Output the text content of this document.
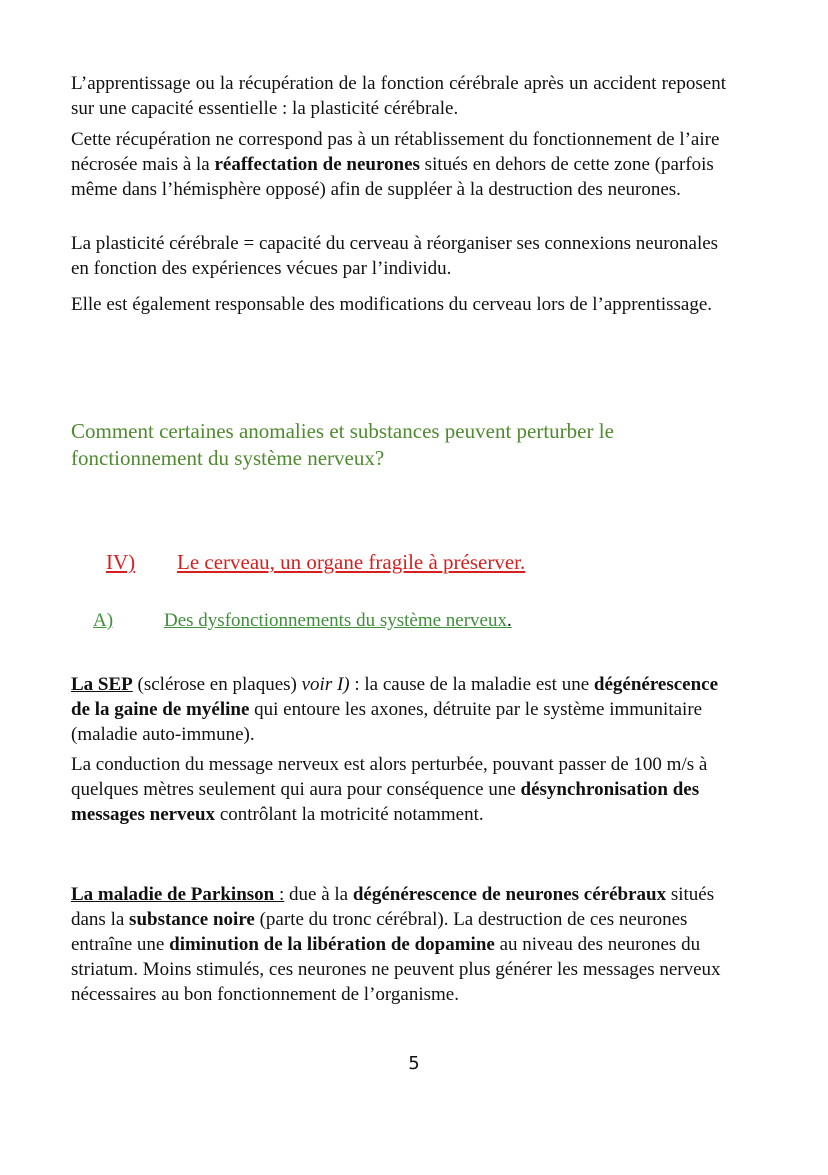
L’apprentissage ou la récupération de la fonction cérébrale après un accident reposent sur une capacité essentielle : la plasticité cérébrale.

Cette récupération ne correspond pas à un rétablissement du fonctionnement de l’aire nécrosée mais à la réaffectation de neurones situés en dehors de cette zone (parfois même dans l’hémisphère opposé) afin de suppléer à la destruction des neurones.

La plasticité cérébrale = capacité du cerveau à réorganiser ses connexions neuronales en fonction des expériences vécues par l’individu.

Elle est également responsable des modifications du cerveau lors de l’apprentissage.

Comment certaines anomalies et substances peuvent perturber le fonctionnement du système nerveux?

IV) Le cerveau, un organe fragile à préserver.
A)	Des dysfonctionnements du système nerveux.

La SEP (sclérose en plaques) voir I) : la cause de la maladie est une dégénérescence de la gaine de myéline qui entoure les axones, détruite par le système immunitaire (maladie auto-immune).

La conduction du message nerveux est alors perturbée, pouvant passer de 100 m/s à quelques mètres seulement qui aura pour conséquence une désynchronisation des messages nerveux contrôlant la motricité notamment.

La maladie de Parkinson : due à la dégénérescence de neurones cérébraux situés dans la substance noire (parte du tronc cérébral). La destruction de ces neurones entraîne une diminution de la libération de dopamine au niveau des neurones du striatum. Moins stimulés, ces neurones ne peuvent plus générer les messages nerveux nécessaires au bon fonctionnement de l’organisme.

5
